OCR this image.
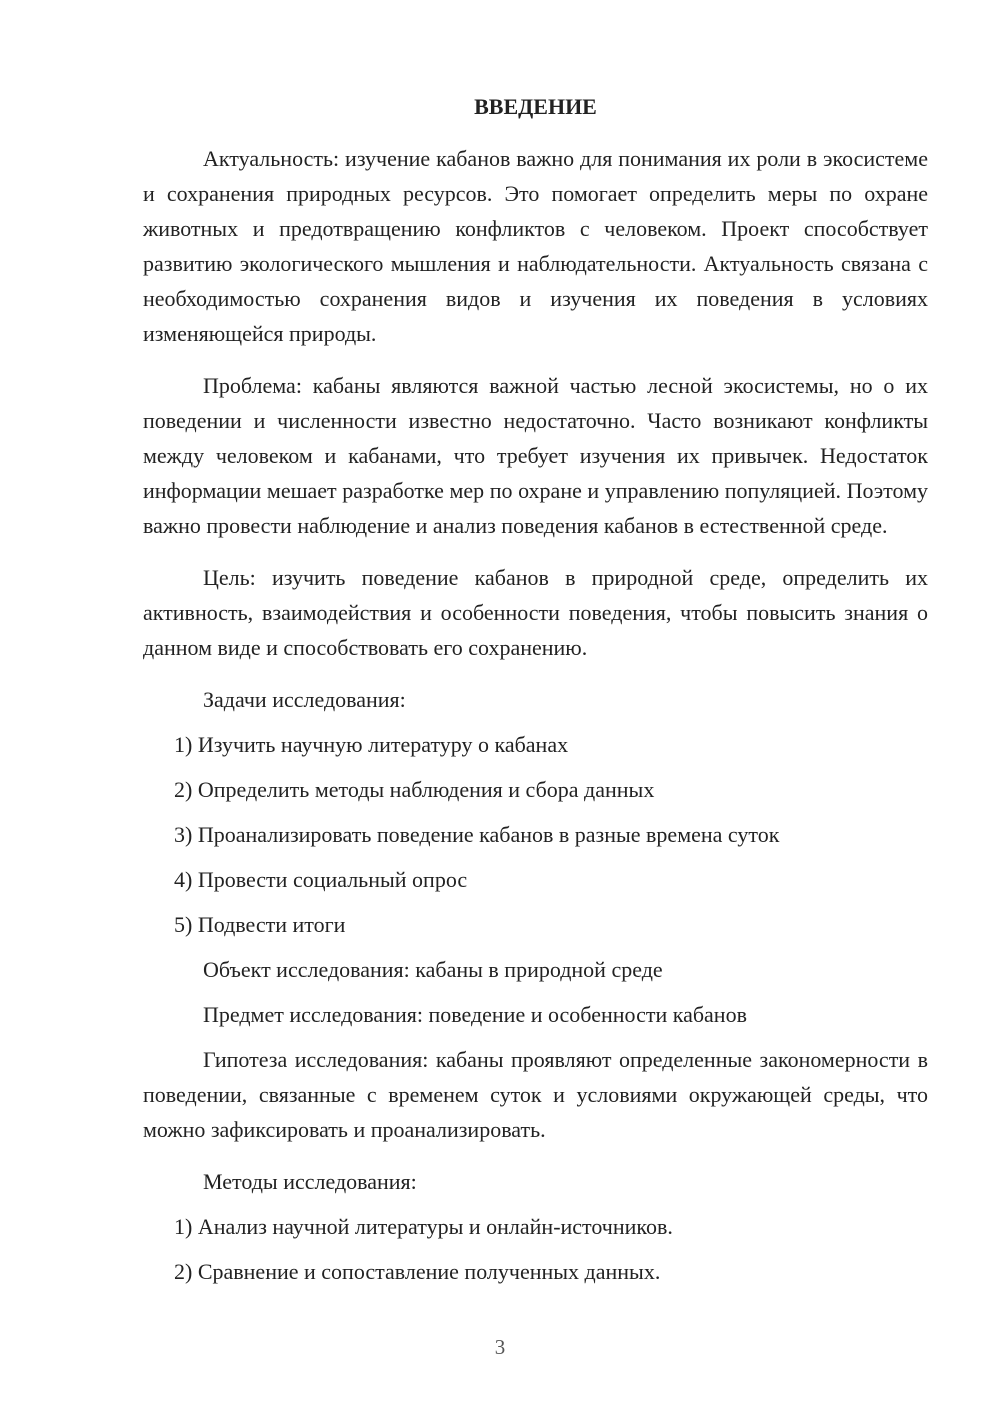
ВВЕДЕНИЕ
Актуальность: изучение кабанов важно для понимания их роли в экосистеме и сохранения природных ресурсов. Это помогает определить меры по охране животных и предотвращению конфликтов с человеком. Проект способствует развитию экологического мышления и наблюдательности. Актуальность связана с необходимостью сохранения видов и изучения их поведения в условиях изменяющейся природы.
Проблема: кабаны являются важной частью лесной экосистемы, но о их поведении и численности известно недостаточно. Часто возникают конфликты между человеком и кабанами, что требует изучения их привычек. Недостаток информации мешает разработке мер по охране и управлению популяцией. Поэтому важно провести наблюдение и анализ поведения кабанов в естественной среде.
Цель: изучить поведение кабанов в природной среде, определить их активность, взаимодействия и особенности поведения, чтобы повысить знания о данном виде и способствовать его сохранению.
Задачи исследования:
1) Изучить научную литературу о кабанах
2) Определить методы наблюдения и сбора данных
3) Проанализировать поведение кабанов в разные времена суток
4) Провести социальный опрос
5) Подвести итоги
Объект исследования: кабаны в природной среде
Предмет исследования: поведение и особенности кабанов
Гипотеза исследования: кабаны проявляют определенные закономерности в поведении, связанные с временем суток и условиями окружающей среды, что можно зафиксировать и проанализировать.
Методы исследования:
1) Анализ научной литературы и онлайн-источников.
2) Сравнение и сопоставление полученных данных.
3
